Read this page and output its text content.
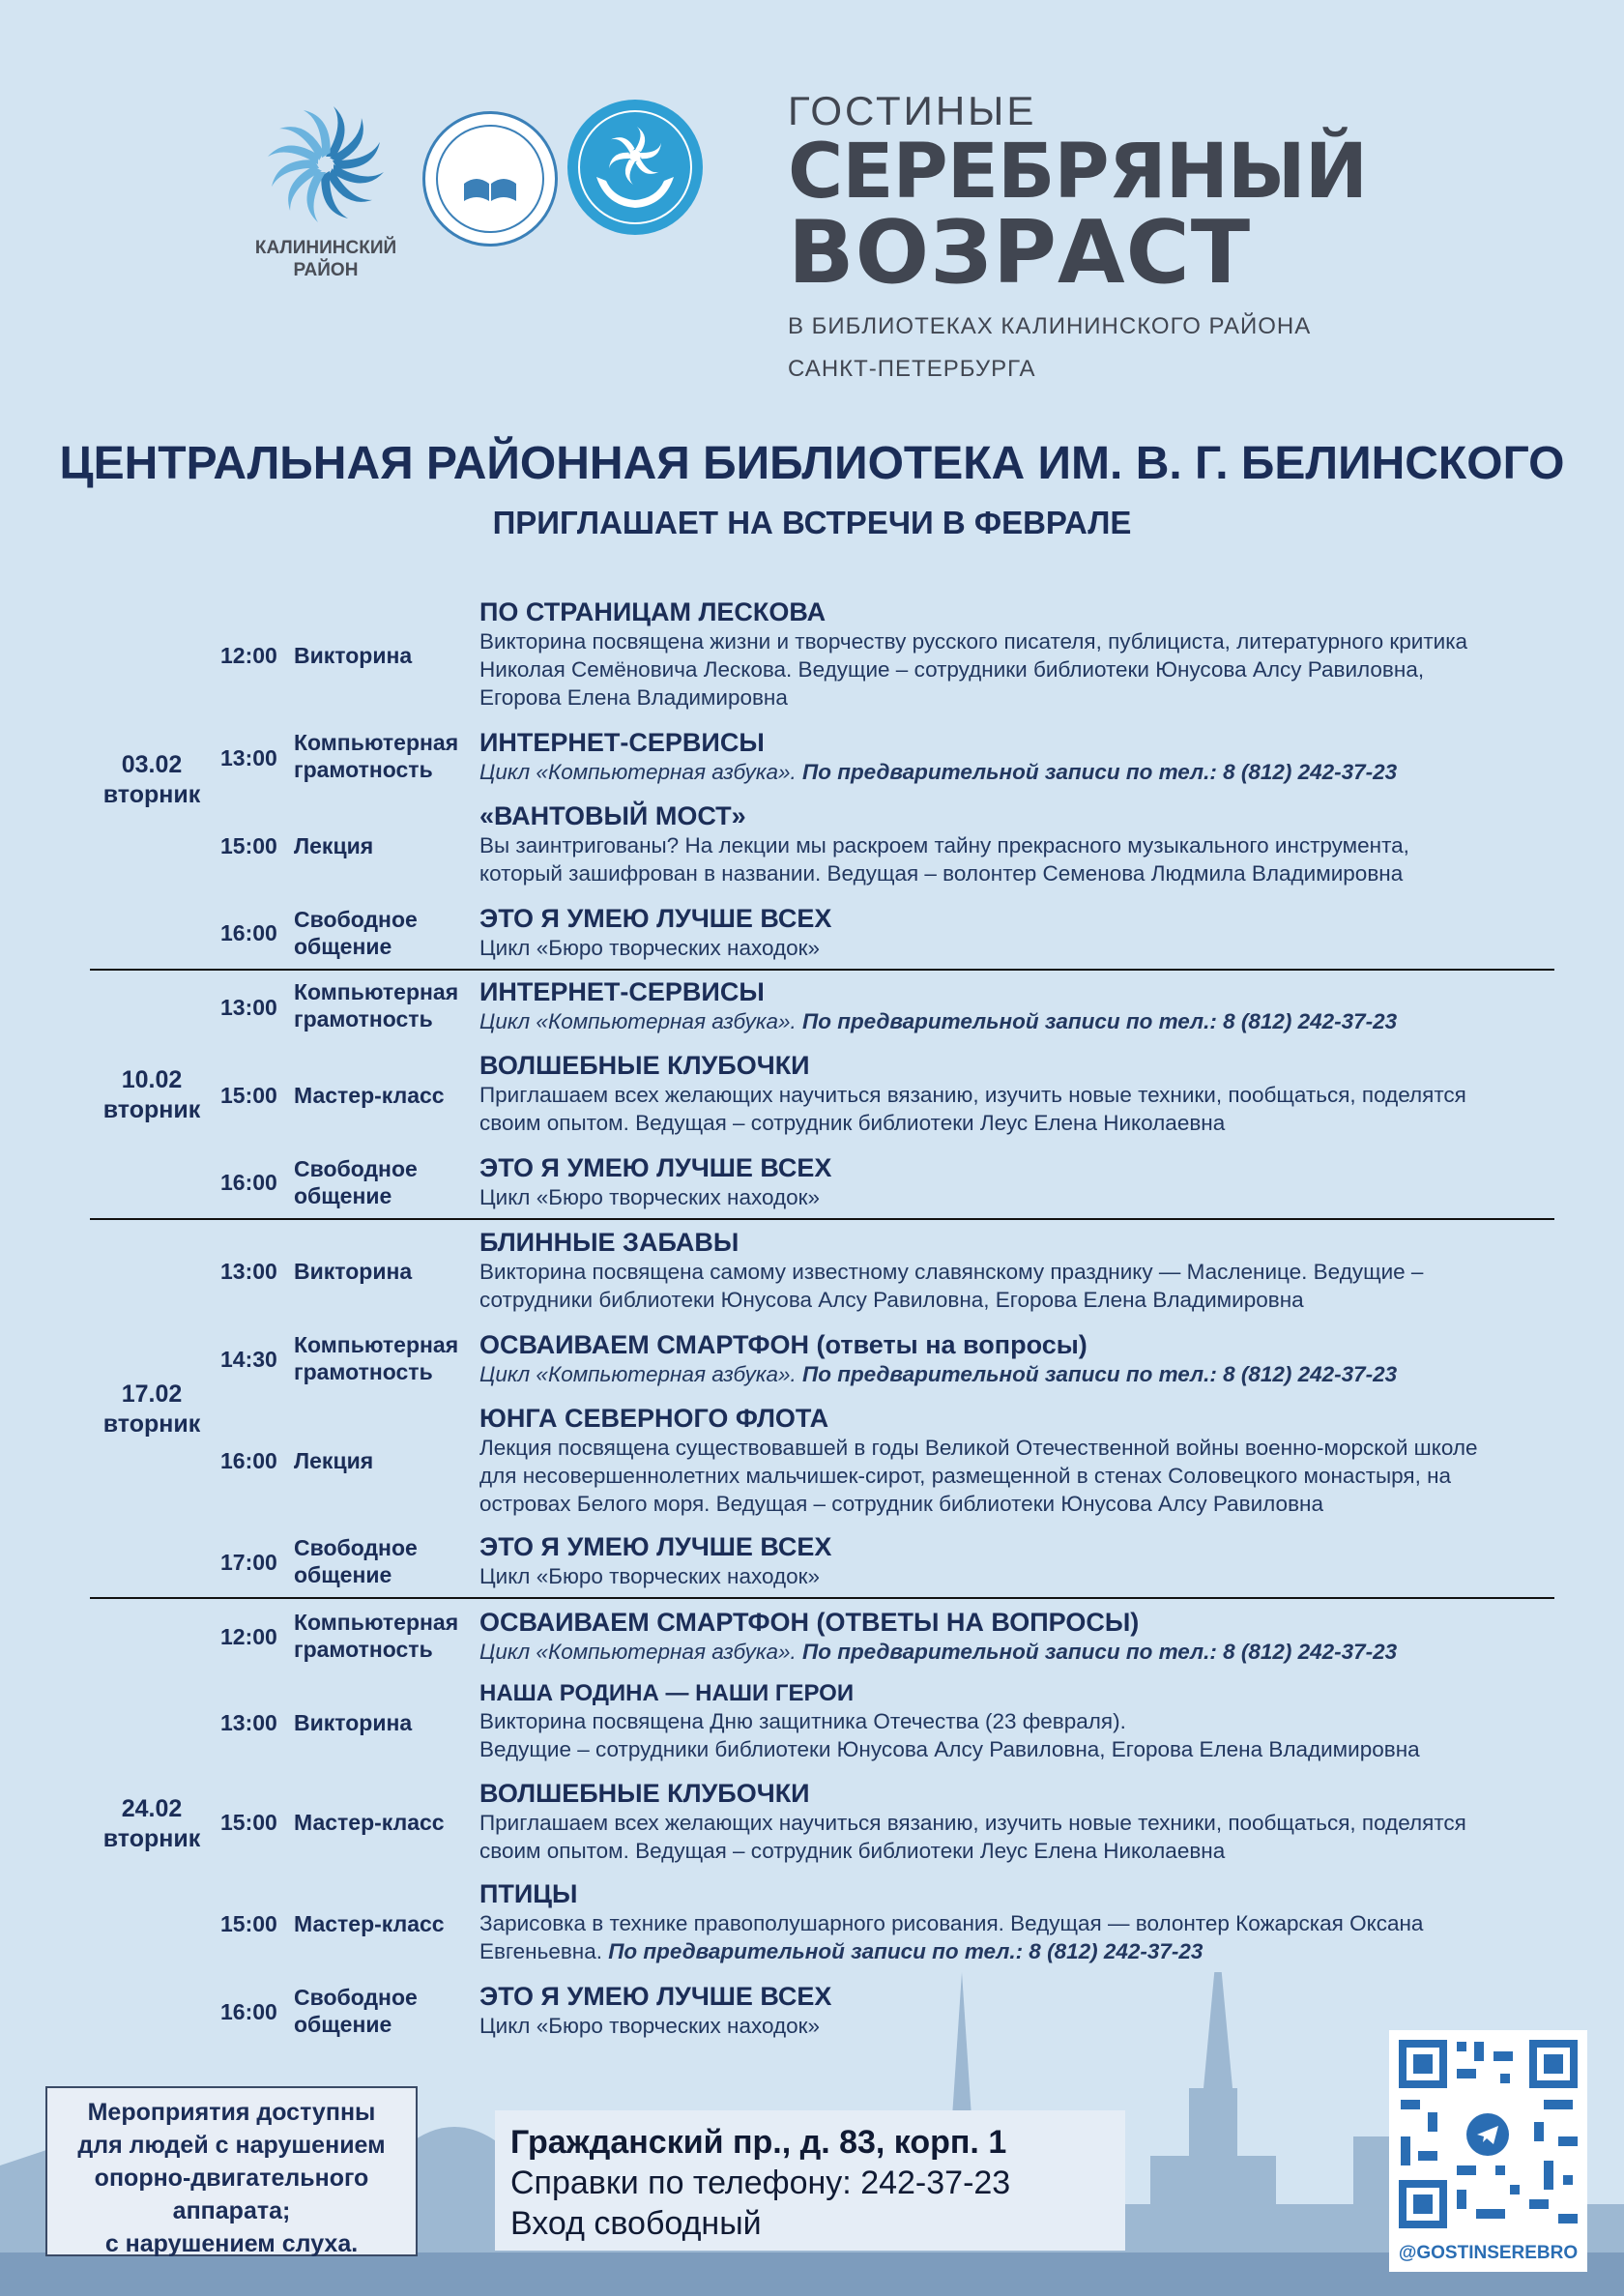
КАЛИНИНСКИЙ
РАЙОН
ГОСТИНЫЕ
СЕРЕБРЯНЫЙ
ВОЗРАСТ
В БИБЛИОТЕКАХ КАЛИНИНСКОГО РАЙОНА
САНКТ-ПЕТЕРБУРГА
ЦЕНТРАЛЬНАЯ РАЙОННАЯ БИБЛИОТЕКА ИМ. В. Г. БЕЛИНСКОГО
ПРИГЛАШАЕТ НА ВСТРЕЧИ В ФЕВРАЛЕ
03.02
вторник
10.02
вторник
17.02
вторник
24.02
вторник
12:00 Викторина
ПО СТРАНИЦАМ ЛЕСКОВА
Викторина посвящена жизни и творчеству русского писателя, публициста, литературного критика
Николая Семёновича Лескова. Ведущие – сотрудники библиотеки Юнусова Алсу Равиловна,
Егорова Елена Владимировна
13:00
Компьютерная
грамотность
ИНТЕРНЕТ-СЕРВИСЫ
Цикл «Компьютерная азбука». По предварительной записи по тел.: 8 (812) 242-37-23
15:00 Лекция
«ВАНТОВЫЙ МОСТ»
Вы заинтригованы? На лекции мы раскроем тайну прекрасного музыкального инструмента,
который зашифрован в названии. Ведущая – волонтер Семенова Людмила Владимировна
16:00
Свободное
общение
ЭТО Я УМЕЮ ЛУЧШЕ ВСЕХ
Цикл «Бюро творческих находок»
13:00
Компьютерная
грамотность
ИНТЕРНЕТ-СЕРВИСЫ
Цикл «Компьютерная азбука». По предварительной записи по тел.: 8 (812) 242-37-23
15:00 Мастер-класс
ВОЛШЕБНЫЕ КЛУБОЧКИ
Приглашаем всех желающих научиться вязанию, изучить новые техники, пообщаться, поделятся
своим опытом. Ведущая – сотрудник библиотеки Леус Елена Николаевна
16:00
Свободное
общение
ЭТО Я УМЕЮ ЛУЧШЕ ВСЕХ
Цикл «Бюро творческих находок»
13:00 Викторина
БЛИННЫЕ ЗАБАВЫ
Викторина посвящена самому известному славянскому празднику — Масленице. Ведущие –
сотрудники библиотеки Юнусова Алсу Равиловна, Егорова Елена Владимировна
14:30
Компьютерная
грамотность
ОСВАИВАЕМ СМАРТФОН (ответы на вопросы)
Цикл «Компьютерная азбука». По предварительной записи по тел.: 8 (812) 242-37-23
16:00 Лекция
ЮНГА СЕВЕРНОГО ФЛОТА
Лекция посвящена существовавшей в годы Великой Отечественной войны военно-морской школе
для несовершеннолетних мальчишек-сирот, размещенной в стенах Соловецкого монастыря, на
островах Белого моря. Ведущая – сотрудник библиотеки Юнусова Алсу Равиловна
17:00
Свободное
общение
ЭТО Я УМЕЮ ЛУЧШЕ ВСЕХ
Цикл «Бюро творческих находок»
12:00
Компьютерная
грамотность
ОСВАИВАЕМ СМАРТФОН (ОТВЕТЫ НА ВОПРОСЫ)
Цикл «Компьютерная азбука». По предварительной записи по тел.: 8 (812) 242-37-23
13:00 Викторина
НАША РОДИНА — НАШИ ГЕРОИ
Викторина посвящена Дню защитника Отечества (23 февраля).
Ведущие – сотрудники библиотеки Юнусова Алсу Равиловна, Егорова Елена Владимировна
15:00 Мастер-класс
ВОЛШЕБНЫЕ КЛУБОЧКИ
Приглашаем всех желающих научиться вязанию, изучить новые техники, пообщаться, поделятся
своим опытом. Ведущая – сотрудник библиотеки Леус Елена Николаевна
15:00 Мастер-класс
ПТИЦЫ
Зарисовка в технике правополушарного рисования. Ведущая — волонтер Кожарская Оксана
Евгеньевна. По предварительной записи по тел.: 8 (812) 242-37-23
16:00
Свободное
общение
ЭТО Я УМЕЮ ЛУЧШЕ ВСЕХ
Цикл «Бюро творческих находок»
Мероприятия доступны
для людей с нарушением
опорно-двигательного
аппарата;
с нарушением слуха.
Гражданский пр., д. 83, корп. 1
Справки по телефону: 242-37-23
Вход свободный
@GOSTINSEREBRO
